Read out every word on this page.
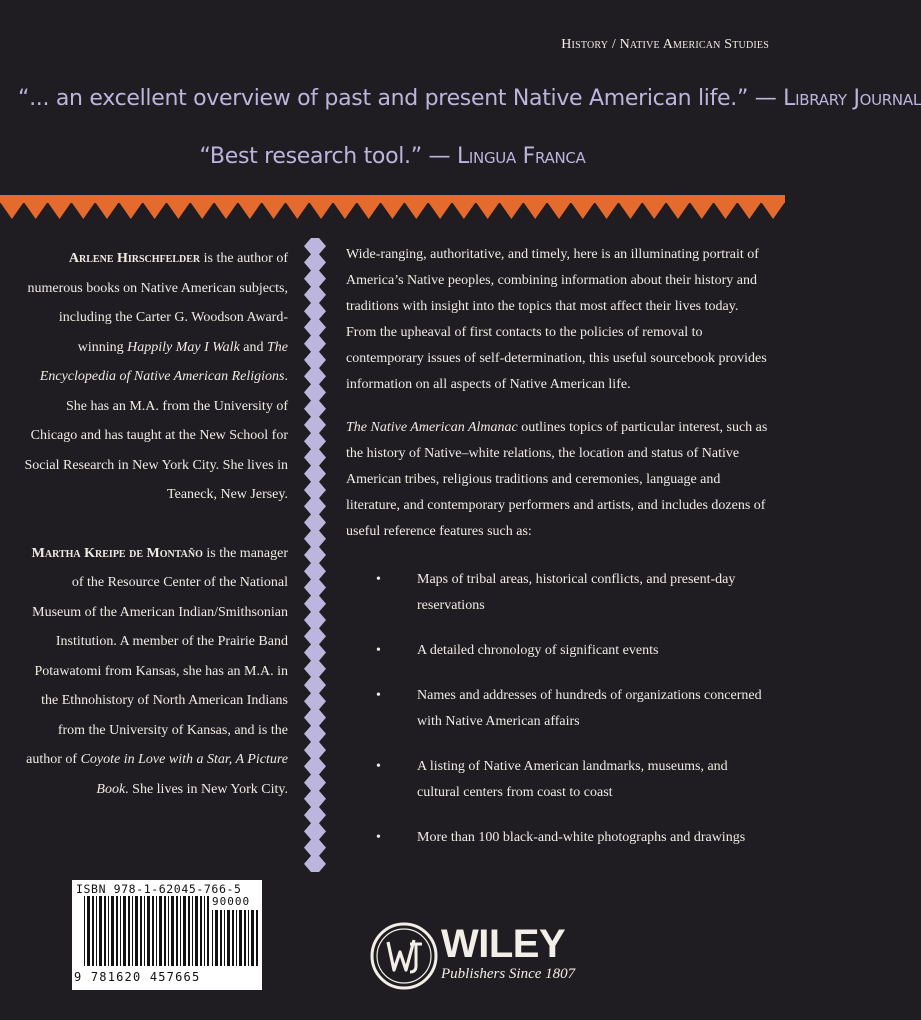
History / Native American Studies
“... an excellent overview of past and present Native American life.” — Library Journal
“Best research tool.” — Lingua Franca

Arlene Hirschfelder is the author of numerous books on Native American subjects, including the Carter G. Woodson Award-winning Happily May I Walk and The Encyclopedia of Native American Religions. She has an M.A. from the University of Chicago and has taught at the New School for Social Research in New York City. She lives in Teaneck, New Jersey.

Martha Kreipe de Montaño is the manager of the Resource Center of the National Museum of the American Indian/Smithsonian Institution. A member of the Prairie Band Potawatomi from Kansas, she has an M.A. in the Ethnohistory of North American Indians from the University of Kansas, and is the author of Coyote in Love with a Star, A Picture Book. She lives in New York City.

Wide-ranging, authoritative, and timely, here is an illuminating portrait of America’s Native peoples, combining information about their history and traditions with insight into the topics that most affect their lives today. From the upheaval of first contacts to the policies of removal to contemporary issues of self-determination, this useful sourcebook provides information on all aspects of Native American life.

The Native American Almanac outlines topics of particular interest, such as the history of Native–white relations, the location and status of Native American tribes, religious traditions and ceremonies, language and literature, and contemporary performers and artists, and includes dozens of useful reference features such as:

•	Maps of tribal areas, historical conflicts, and present-day reservations
•	A detailed chronology of significant events
•	Names and addresses of hundreds of organizations concerned with Native American affairs
•	A listing of Native American landmarks, museums, and cultural centers from coast to coast
•	More than 100 black-and-white photographs and drawings
ISBN 978-1-62045-766-5
90000
9 781620 457665
WILEY
Publishers Since 1807
